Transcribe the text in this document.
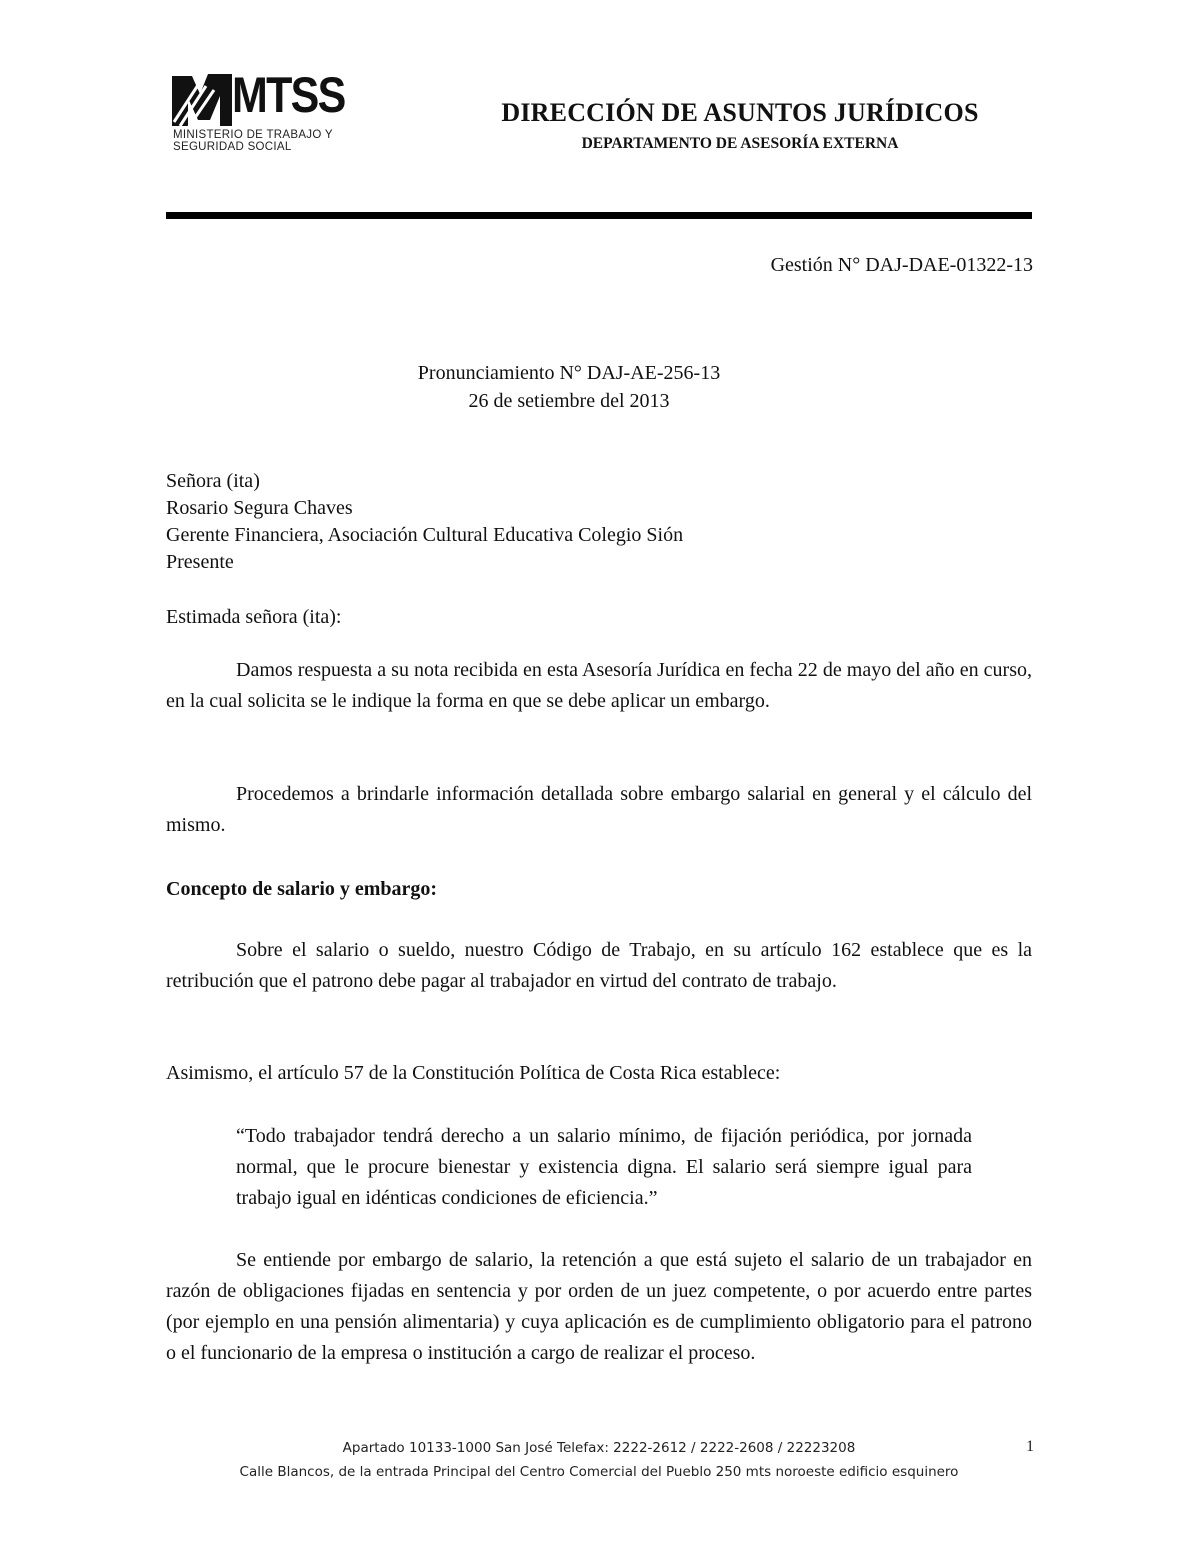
MTSS
MINISTERIO DE TRABAJO Y
SEGURIDAD SOCIAL
DIRECCIÓN DE ASUNTOS JURÍDICOS
DEPARTAMENTO DE ASESORÍA EXTERNA
Gestión N° DAJ-DAE-01322-13
Pronunciamiento N° DAJ-AE-256-13
26 de setiembre del 2013
Señora (ita)
Rosario Segura Chaves
Gerente Financiera, Asociación Cultural Educativa Colegio Sión
Presente
Estimada señora (ita):
Damos respuesta a su nota recibida en esta Asesoría Jurídica en fecha 22 de mayo del año en curso, en la cual solicita se le indique la forma en que se debe aplicar un embargo.
Procedemos a brindarle información detallada sobre embargo salarial en general y el cálculo del mismo.
Concepto de salario y embargo:
Sobre el salario o sueldo, nuestro Código de Trabajo, en su artículo 162 establece que es la retribución que el patrono debe pagar al trabajador en virtud del contrato de trabajo.
Asimismo, el artículo 57 de la Constitución Política de Costa Rica establece:
“Todo trabajador tendrá derecho a un salario mínimo, de fijación periódica, por jornada normal, que le procure bienestar y existencia digna. El salario será siempre igual para trabajo igual en idénticas condiciones de eficiencia.”
Se entiende por embargo de salario, la retención a que está sujeto el salario de un trabajador en razón de obligaciones fijadas en sentencia y por orden de un juez competente, o por acuerdo entre partes (por ejemplo en una pensión alimentaria) y cuya aplicación es de cumplimiento obligatorio para el patrono o el funcionario de la empresa o institución a cargo de realizar el proceso.
Apartado 10133-1000 San José Telefax: 2222-2612 / 2222-2608 / 22223208
Calle Blancos, de la entrada Principal del Centro Comercial del Pueblo 250 mts noroeste edificio esquinero
1
